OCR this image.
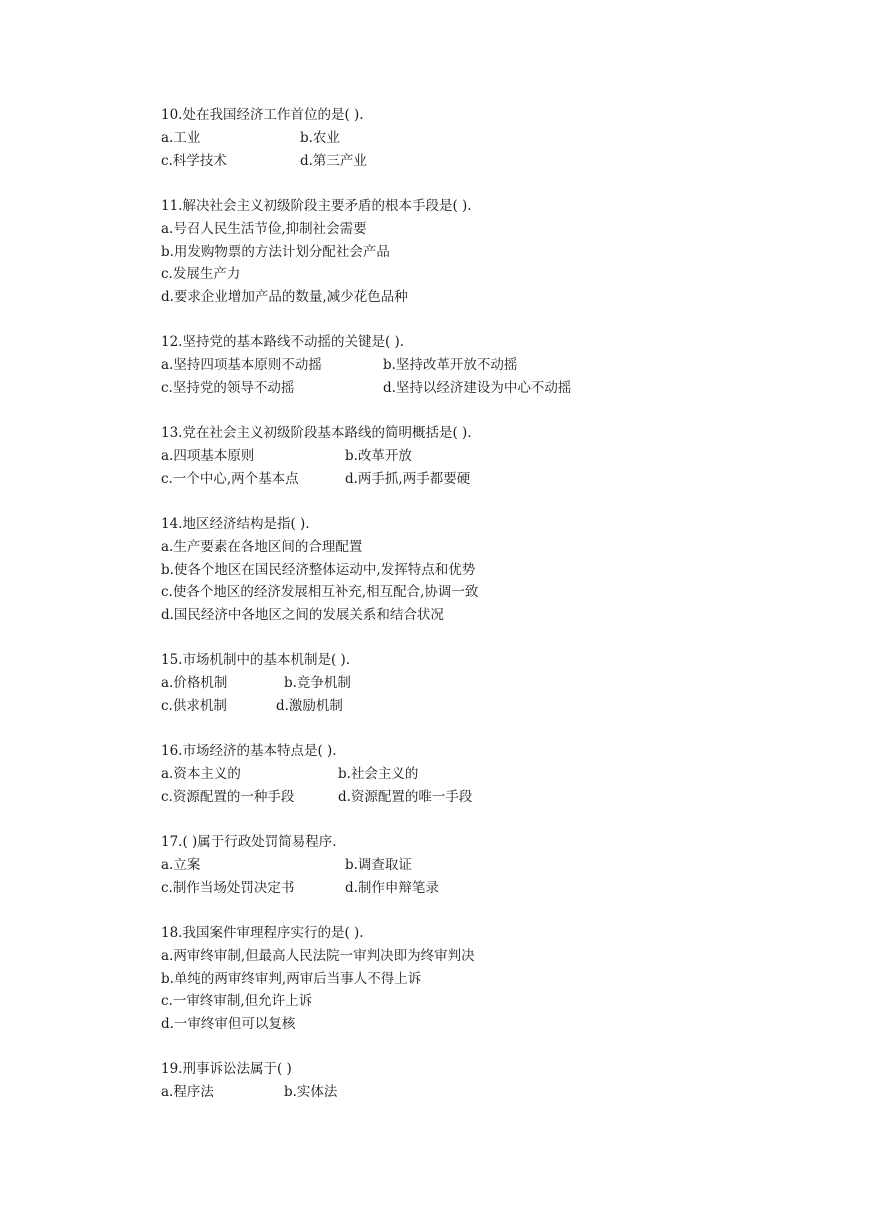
10.处在我国经济工作首位的是( ).
a.工业	b.农业
c.科学技术	d.第三产业
11.解决社会主义初级阶段主要矛盾的根本手段是( ).
a.号召人民生活节俭,抑制社会需要
b.用发购物票的方法计划分配社会产品
c.发展生产力
d.要求企业增加产品的数量,减少花色品种
12.坚持党的基本路线不动摇的关键是( ).
a.坚持四项基本原则不动摇	b.坚持改革开放不动摇
c.坚持党的领导不动摇	d.坚持以经济建设为中心不动摇
13.党在社会主义初级阶段基本路线的简明概括是( ).
a.四项基本原则	b.改革开放
c.一个中心,两个基本点	d.两手抓,两手都要硬
14.地区经济结构是指( ).
a.生产要素在各地区间的合理配置
b.使各个地区在国民经济整体运动中,发挥特点和优势
c.使各个地区的经济发展相互补充,相互配合,协调一致
d.国民经济中各地区之间的发展关系和结合状况
15.市场机制中的基本机制是( ).
a.价格机制	b.竞争机制
c.供求机制	d.激励机制
16.市场经济的基本特点是( ).
a.资本主义的	b.社会主义的
c.资源配置的一种手段	d.资源配置的唯一手段
17.( )属于行政处罚简易程序.
a.立案	b.调查取证
c.制作当场处罚决定书	d.制作申辩笔录
18.我国案件审理程序实行的是( ).
a.两审终审制,但最高人民法院一审判决即为终审判决
b.单纯的两审终审判,两审后当事人不得上诉
c.一审终审制,但允许上诉
d.一审终审但可以复核
19.刑事诉讼法属于( )
a.程序法	b.实体法
